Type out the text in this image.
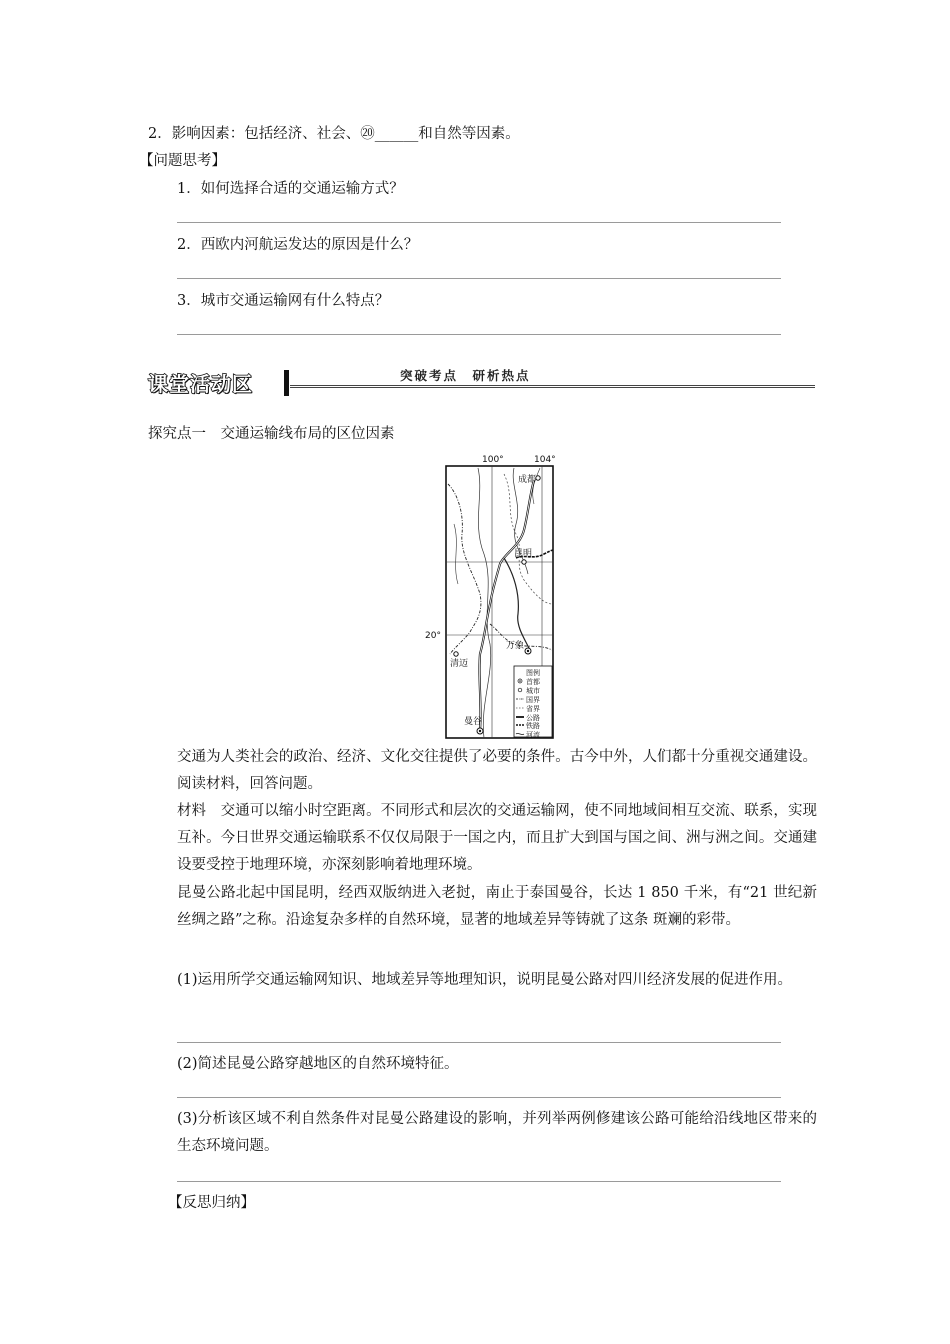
2．影响因素：包括经济、社会、⑳______和自然等因素。
【问题思考】
1．如何选择合适的交通运输方式？
2．西欧内河航运发达的原因是什么？
3．城市交通运输网有什么特点？
课堂活动区	突破考点　研析热点
探究点一　交通运输线布局的区位因素
100°	104°
20°
成都
昆明
万象
清迈
曼谷
图例
首都
城市
国界
省界
公路
铁路
河流
交通为人类社会的政治、经济、文化交往提供了必要的条件。古今中外，人们都十分重视交通建设。阅读材料，回答问题。
材料　交通可以缩小时空距离。不同形式和层次的交通运输网，使不同地域间相互交流、联系，实现互补。今日世界交通运输联系不仅仅局限于一国之内，而且扩大到国与国之间、洲与洲之间。交通建设要受控于地理环境，亦深刻影响着地理环境。
昆曼公路北起中国昆明，经西双版纳进入老挝，南止于泰国曼谷，长达 1 850 千米，有“21 世纪新丝绸之路”之称。沿途复杂多样的自然环境，显著的地域差异等铸就了这条 斑斓的彩带。
(1)运用所学交通运输网知识、地域差异等地理知识，说明昆曼公路对四川经济发展的促进作用。
(2)简述昆曼公路穿越地区的自然环境特征。
(3)分析该区域不利自然条件对昆曼公路建设的影响，并列举两例修建该公路可能给沿线地区带来的生态环境问题。
【反思归纳】
